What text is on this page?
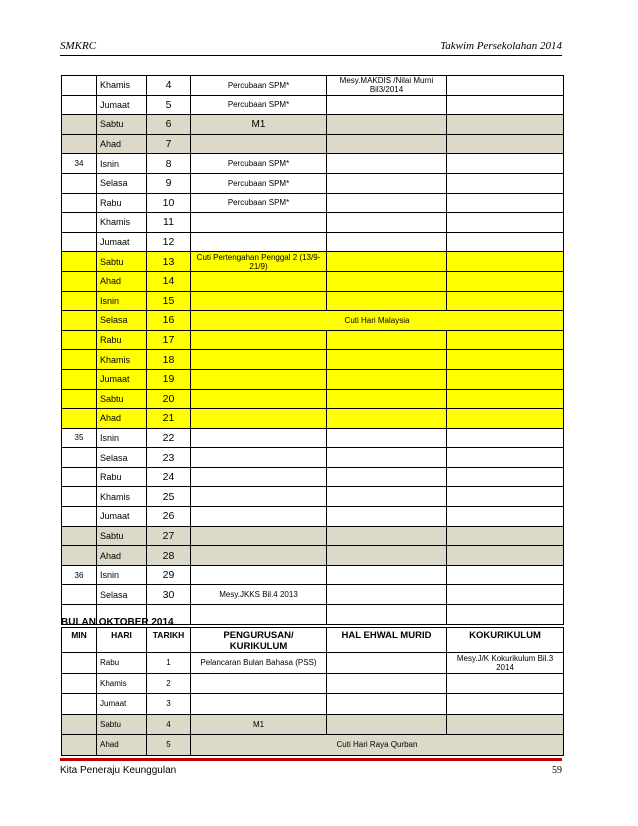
SMKRC	Takwim Persekolahan 2014
	Khamis	4	Percubaan SPM*	Mesy.MAKDIS /Nilai Murni Bil3/2014	
	Jumaat	5	Percubaan SPM*		
	Sabtu	6	M1		
	Ahad	7			
34	Isnin	8	Percubaan SPM*		
	Selasa	9	Percubaan SPM*		
	Rabu	10	Percubaan SPM*		
	Khamis	11			
	Jumaat	12			
	Sabtu	13	Cuti Pertengahan Penggal 2 (13/9-21/9)		
	Ahad	14			
	Isnin	15			
	Selasa	16	Cuti Hari Malaysia		
	Rabu	17			
	Khamis	18			
	Jumaat	19			
	Sabtu	20			
	Ahad	21			
35	Isnin	22			
	Selasa	23			
	Rabu	24			
	Khamis	25			
	Jumaat	26			
	Sabtu	27			
	Ahad	28			
36	Isnin	29			
	Selasa	30	Mesy.JKKS Bil.4 2013		

BULAN OKTOBER 2014
MIN	HARI	TARIKH	PENGURUSAN/ KURIKULUM	HAL EHWAL MURID	KOKURIKULUM
	Rabu	1	Pelancaran Bulan Bahasa (PSS)		Mesy.J/K Kokurikulum Bil.3 2014
	Khamis	2			
	Jumaat	3			
	Sabtu	4	M1		
	Ahad	5	Cuti Hari Raya Qurban		
Kita Peneraju Keunggulan	59
